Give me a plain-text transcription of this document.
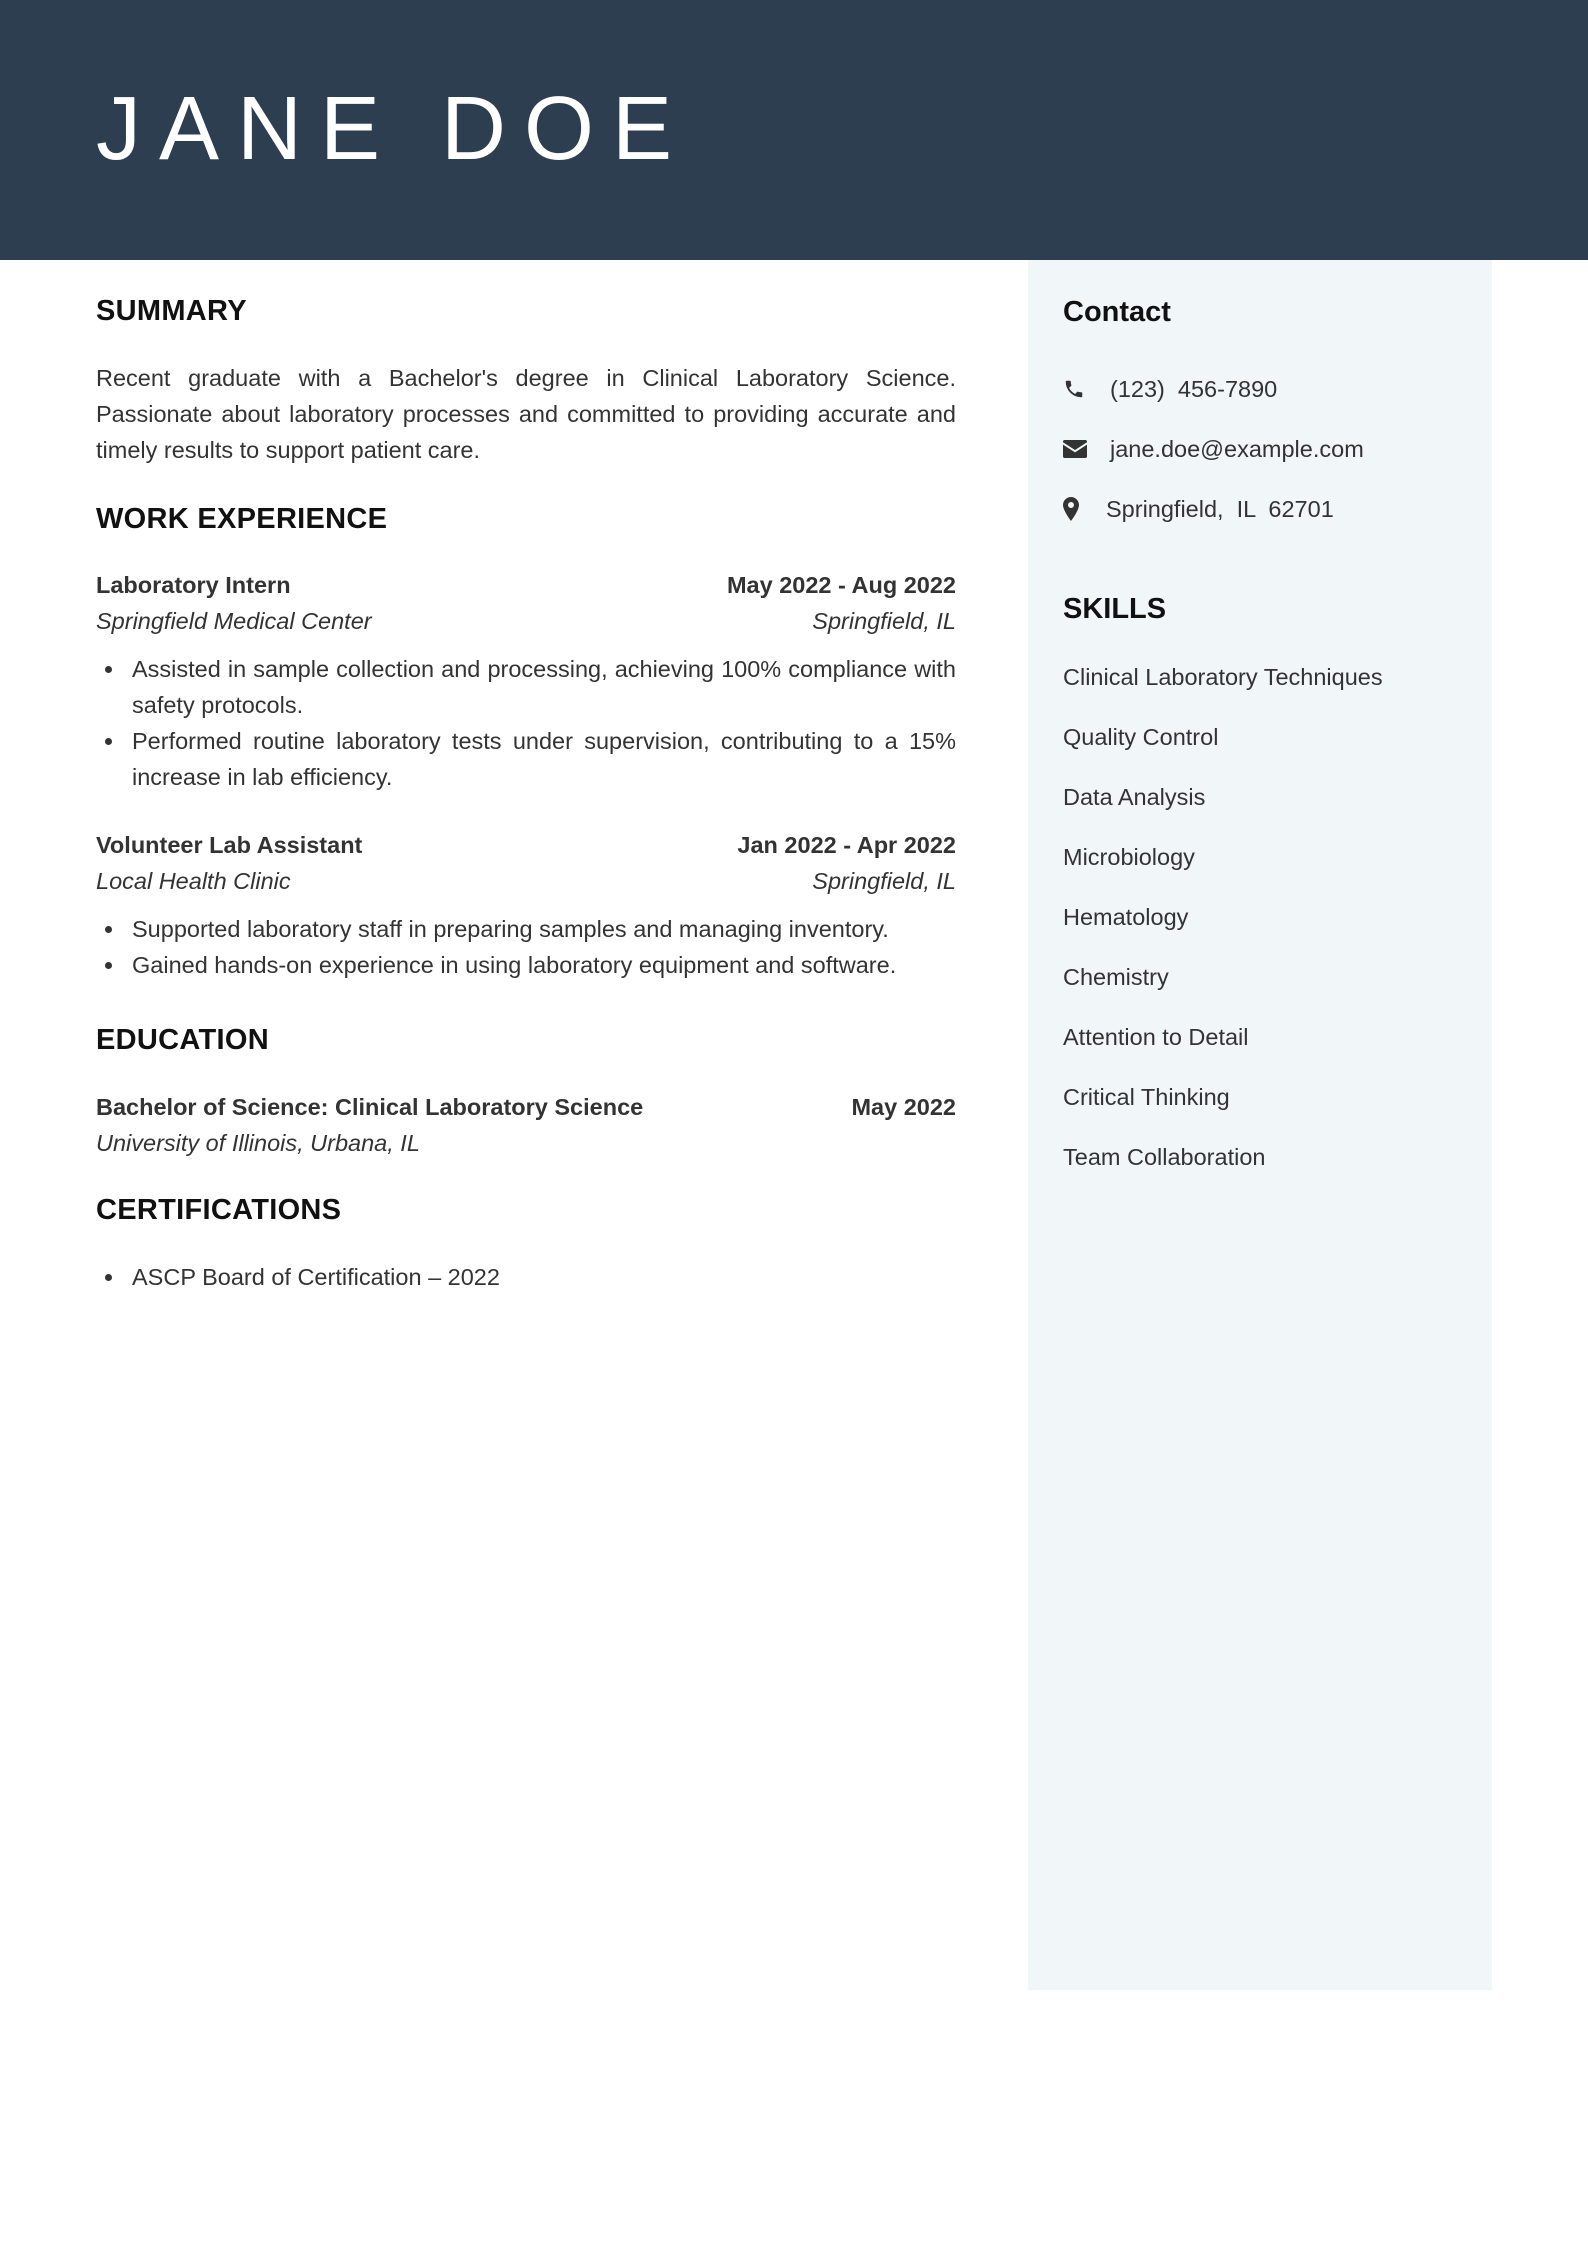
JANE DOE
SUMMARY

Recent graduate with a Bachelor's degree in Clinical Laboratory Science. Passionate about laboratory processes and committed to providing accurate and timely results to support patient care.

WORK EXPERIENCE
Laboratory Intern	May 2022 - Aug 2022
Springfield Medical Center	Springfield, IL
Assisted in sample collection and processing, achieving 100% compliance with safety protocols.
Performed routine laboratory tests under supervision, contributing to a 15% increase in lab efficiency.
Volunteer Lab Assistant	Jan 2022 - Apr 2022
Local Health Clinic	Springfield, IL
Supported laboratory staff in preparing samples and managing inventory.
Gained hands-on experience in using laboratory equipment and software.
EDUCATION
Bachelor of Science: Clinical Laboratory Science	May 2022
University of Illinois, Urbana, IL
CERTIFICATIONS
ASCP Board of Certification – 2022
Contact
(123)  456-7890
jane.doe@example.com
Springfield,  IL  62701
SKILLS
Clinical Laboratory Techniques
Quality Control
Data Analysis
Microbiology
Hematology
Chemistry
Attention to Detail
Critical Thinking
Team Collaboration
